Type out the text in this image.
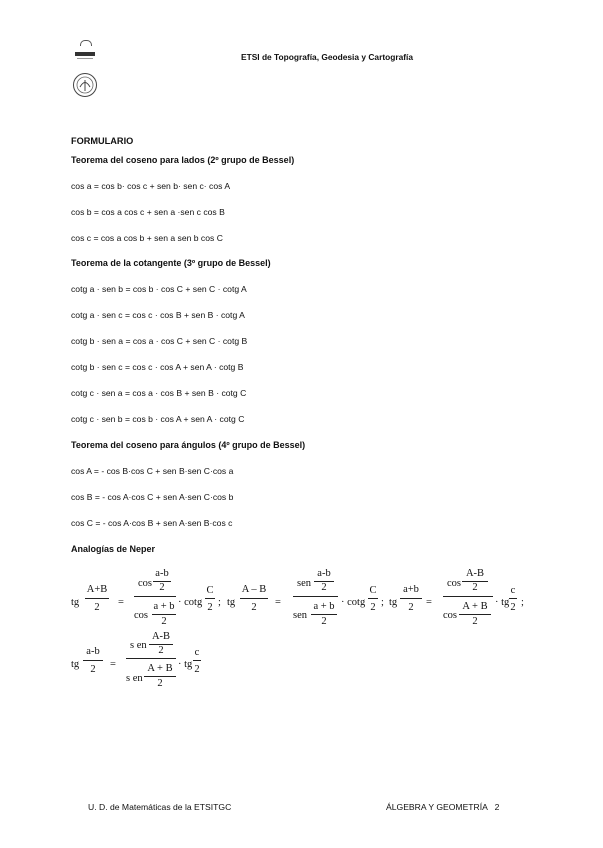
ETSI de Topografía, Geodesia y Cartografía
FORMULARIO
Teorema del coseno para lados (2º grupo de Bessel)
cos a = cos b· cos c + sen b· sen c· cos A
cos b = cos a cos c + sen a ·sen c cos B
cos c = cos a cos b + sen a sen b cos C
Teorema de la cotangente (3º grupo de Bessel)
cotg a · sen b = cos b · cos C + sen C · cotg A
cotg a · sen c = cos c · cos B + sen B · cotg A
cotg b · sen a = cos a · cos C + sen C · cotg B
cotg b · sen c = cos c · cos A + sen A · cotg B
cotg c · sen a = cos a · cos B + sen B · cotg C
cotg c · sen b = cos b · cos A + sen A · cotg C
Teorema del coseno para ángulos (4º grupo de Bessel)
cos A = - cos B·cos C + sen B·sen C·cos a
cos B = - cos A·cos C + sen A·sen C·cos b
cos C = - cos A·cos B + sen A·sen B·cos c
Analogías de Neper
tg
A+B
2	=
cos
a-b
2
cos
a + b
2
· cotg
C
2 ; tg
A – B
2	=
sen
a-b
2
sen
a + b
2
· cotg
C
2 ; tg
a+b
2	=
cos
A-B
2
cos
A + B
2
· tg
c
2 ;
tg
a-b
2	=
s en
A-B
2
s en
A + B
2
· tg
c
2
U. D. de Matemáticas de la ETSITGC	ÁLGEBRA Y GEOMETRÍA   2
